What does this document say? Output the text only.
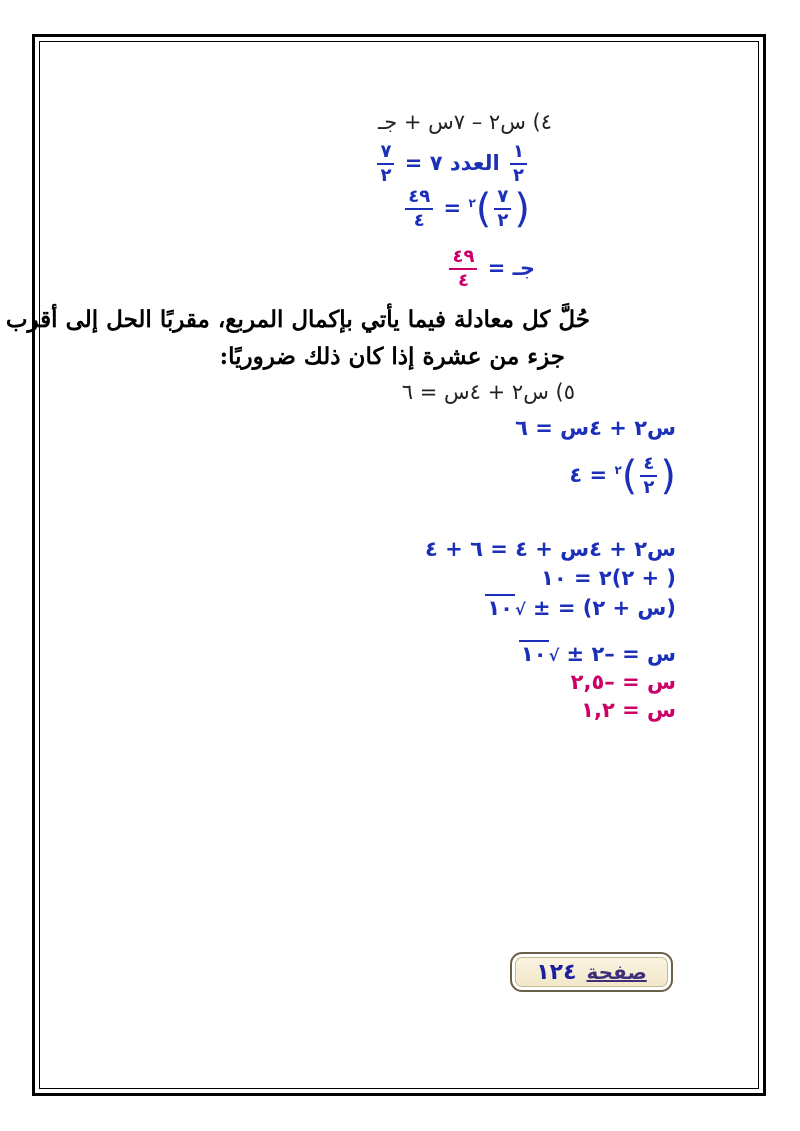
٤) س٢ – ٧س + جـ
$\frac{١}{٢}$
العدد ٧ =
$\frac{٧}{٢}$
(
$\frac{٧}{٢}$
)$^٢$ =
$\frac{٤٩}{٤}$
جـ =
$\frac{٤٩}{٤}$
حُلَّ كل معادلة فيما يأتي بإكمال المربع، مقربًا الحل إلى أقرب
جزء من عشرة إذا كان ذلك ضروريًا:
٥) س٢ + ٤س = ٦
س٢ + ٤س = ٦
(
$\frac{٤}{٢}$
)$^٢$ = ٤
س٢ + ٤س + ٤ = ٦ + ٤
( + ٢)٢ = ١٠
(س + ٢) = ± √١٠
س = –٢ ± √١٠
س = –٢,٥
س = ١,٢
صفحة
١٢٤
